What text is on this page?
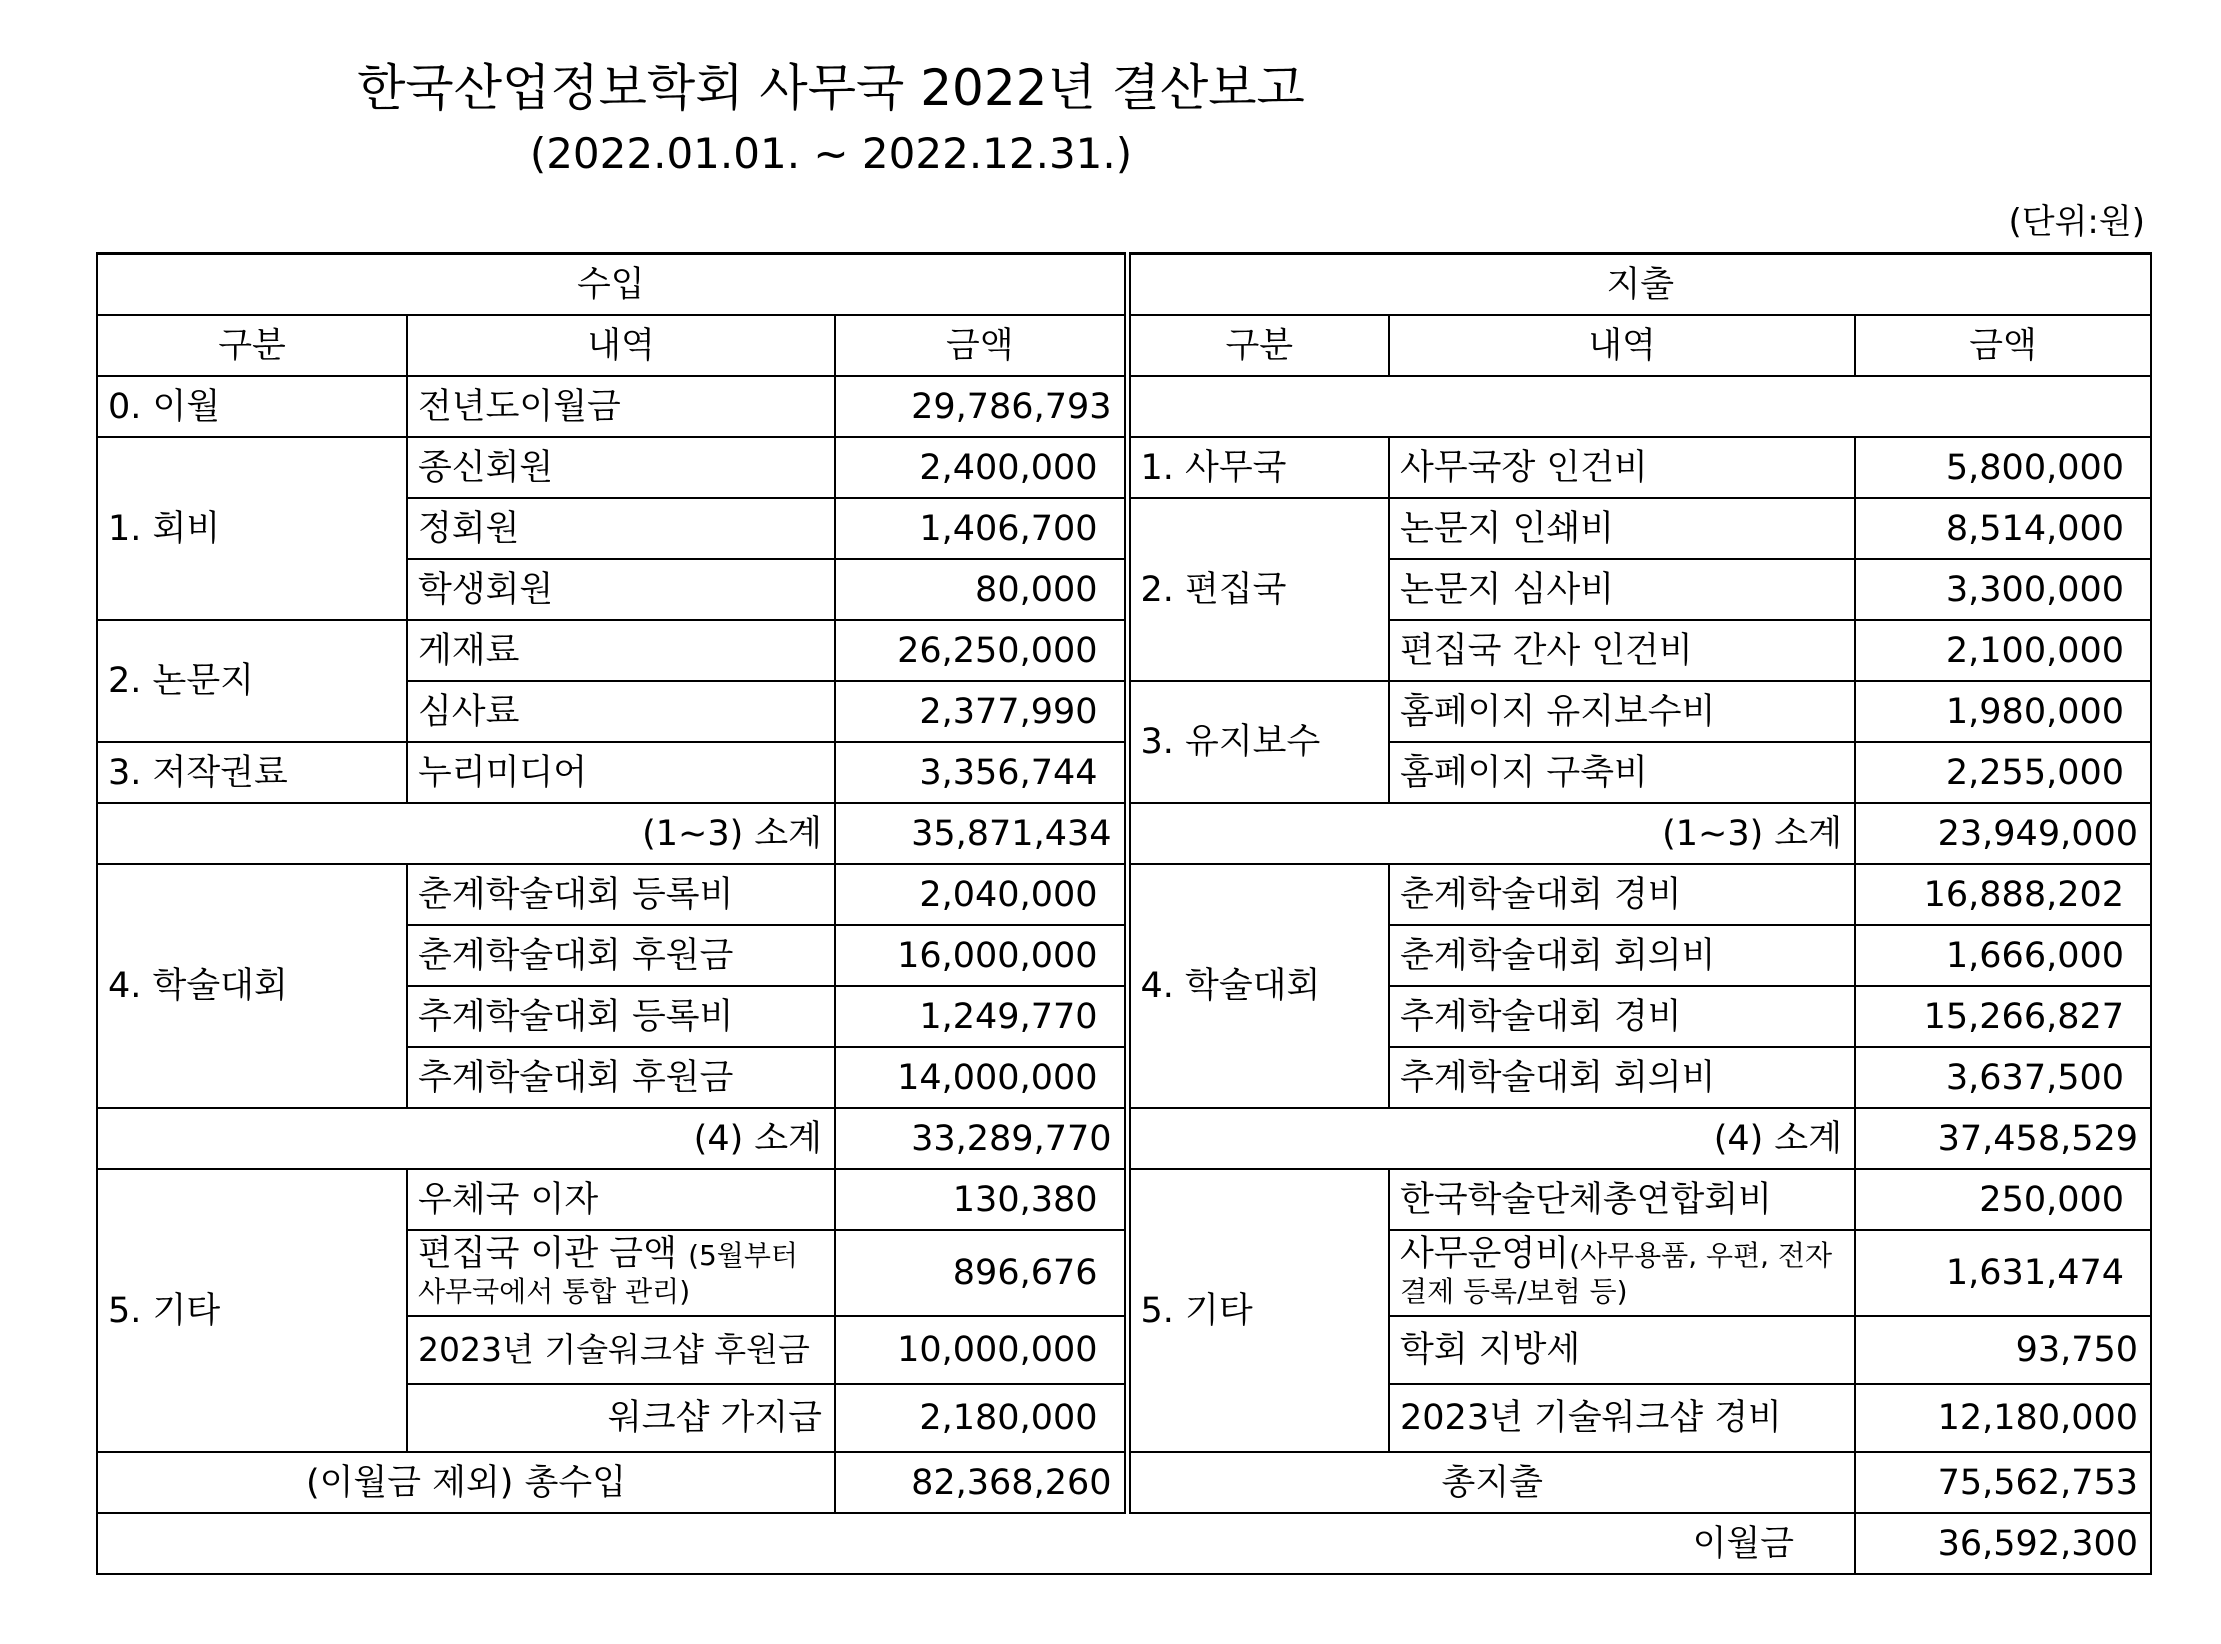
한국산업정보학회 사무국 2022년 결산보고
(2022.01.01. ~ 2022.12.31.)
(단위:원)
수입			지출		
구분	내역	금액	구분	내역	금액
0. 이월	전년도이월금	29,786,793			
1. 회비	종신회원	2,400,000	1. 사무국	사무국장 인건비	5,800,000
	정회원	1,406,700	2. 편집국	논문지 인쇄비	8,514,000
	학생회원	80,000		논문지 심사비	3,300,000
2. 논문지	게재료	26,250,000		편집국 간사 인건비	2,100,000
	심사료	2,377,990	3. 유지보수	홈페이지 유지보수비	1,980,000
3. 저작권료	누리미디어	3,356,744		홈페이지 구축비	2,255,000
(1~3) 소계		35,871,434	(1~3) 소계		23,949,000
4. 학술대회	춘계학술대회 등록비	2,040,000	4. 학술대회	춘계학술대회 경비	16,888,202
	춘계학술대회 후원금	16,000,000		춘계학술대회 회의비	1,666,000
	추계학술대회 등록비	1,249,770		추계학술대회 경비	15,266,827
	추계학술대회 후원금	14,000,000		추계학술대회 회의비	3,637,500
(4) 소계		33,289,770	(4) 소계		37,458,529
5. 기타	우체국 이자	130,380	5. 기타	한국학술단체총연합회비	250,000
	편집국 이관 금액 (5월부터 사무국에서 통합 관리)	896,676		사무운영비(사무용품, 우편, 전자결제 등록/보험 등)	1,631,474
	2023년 기술워크샵 후원금	10,000,000		학회 지방세	93,750
	워크샵 가지급	2,180,000		2023년 기술워크샵 경비	12,180,000
(이월금 제외) 총수입		82,368,260	총지출		75,562,753
이월금					36,592,300
